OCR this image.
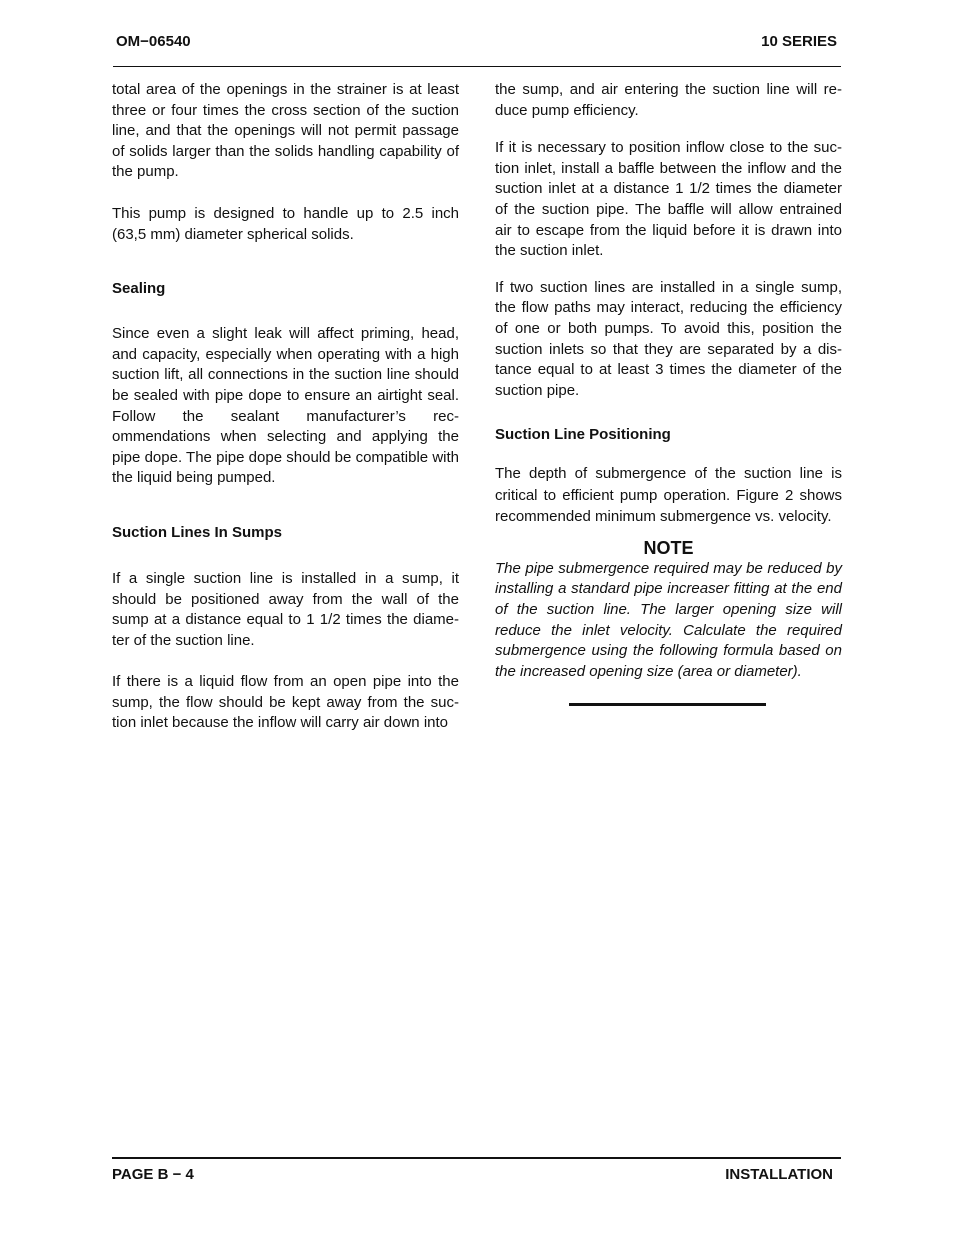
OM−06540	10 SERIES

total area of the openings in the strainer is at least three or four times the cross section of the suction line, and that the openings will not permit passage of solids larger than the solids handling capability of the pump.

This pump is designed to handle up to 2.5 inch (63,5 mm) diameter spherical solids.

Sealing

Since even a slight leak will affect priming, head, and capacity, especially when operating with a high suction lift, all connections in the suction line should be sealed with pipe dope to ensure an airtight seal. Follow the sealant manufacturer’s recommendations when selecting and applying the pipe dope. The pipe dope should be compatible with the liquid being pumped.

Suction Lines In Sumps

If a single suction line is installed in a sump, it should be positioned away from the wall of the sump at a distance equal to 1 1/2 times the diameter of the suction line.

If there is a liquid flow from an open pipe into the sump, the flow should be kept away from the suction inlet because the inflow will carry air down into

the sump, and air entering the suction line will reduce pump efficiency.

If it is necessary to position inflow close to the suction inlet, install a baffle between the inflow and the suction inlet at a distance 1 1/2 times the diameter of the suction pipe. The baffle will allow entrained air to escape from the liquid before it is drawn into the suction inlet.

If two suction lines are installed in a single sump, the flow paths may interact, reducing the efficiency of one or both pumps. To avoid this, position the suction inlets so that they are separated by a distance equal to at least 3 times the diameter of the suction pipe.

Suction Line Positioning

The depth of submergence of the suction line is critical to efficient pump operation. Figure 2 shows recommended minimum submergence vs. velocity.

NOTE

The pipe submergence required may be reduced by installing a standard pipe increaser fitting at the end of the suction line. The larger opening size will reduce the inlet velocity. Calculate the required submergence using the following formula based on the increased opening size (area or diameter).

PAGE B − 4	INSTALLATION
